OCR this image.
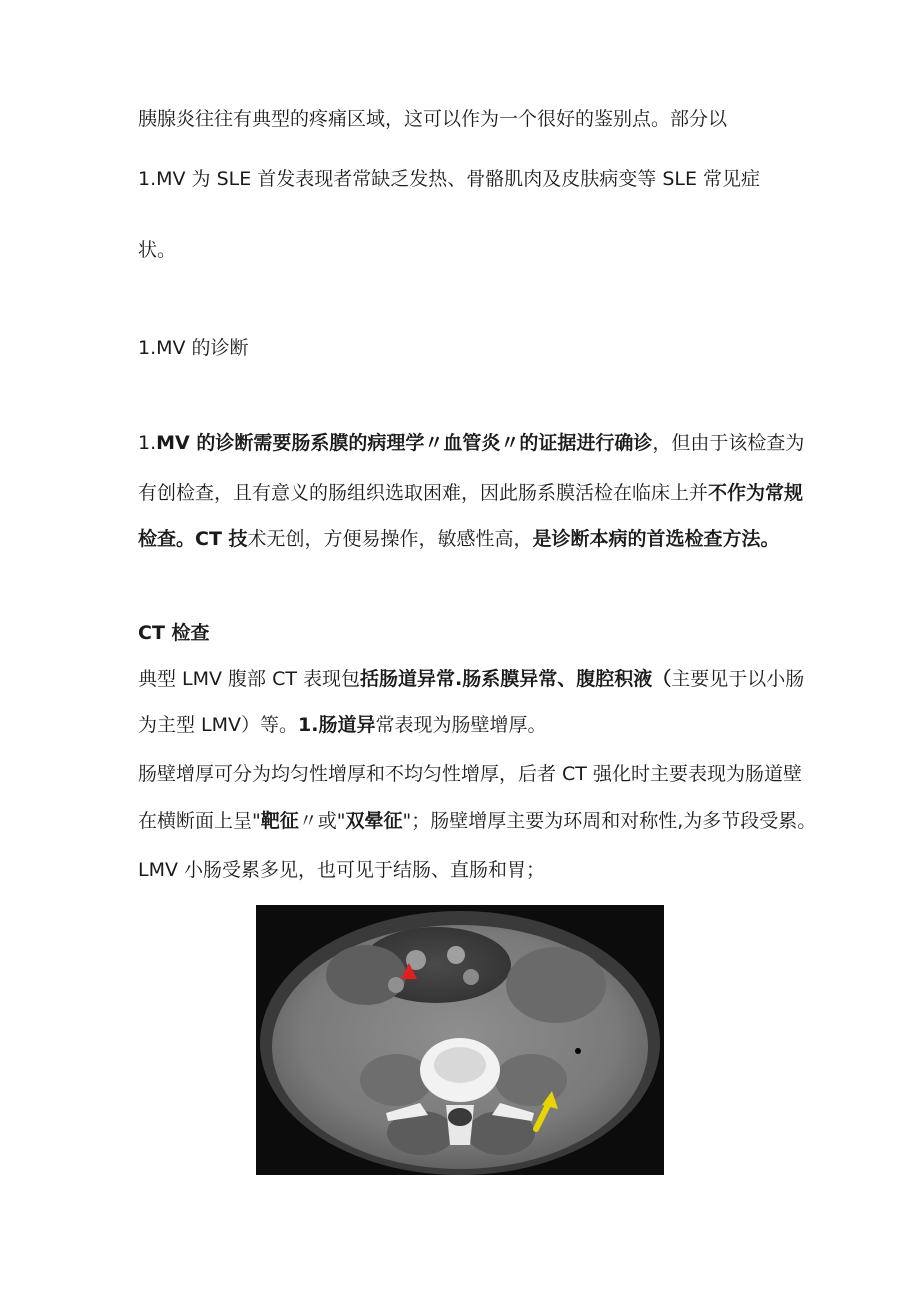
胰腺炎往往有典型的疼痛区域，这可以作为一个很好的鉴别点。部分以

1.MV 为 SLE 首发表现者常缺乏发热、骨骼肌肉及皮肤病变等 SLE 常见症

状。

1.MV 的诊断

1.MV 的诊断需要肠系膜的病理学〃血管炎〃的证据进行确诊，但由于该检查为

有创检查，且有意义的肠组织选取困难，因此肠系膜活检在临床上并不作为常规

检查。CT 技术无创，方便易操作，敏感性高，是诊断本病的首选检查方法。

CT 检查

典型 LMV 腹部 CT 表现包括肠道异常.肠系膜异常、腹腔积液（主要见于以小肠

为主型 LMV）等。1.肠道异常表现为肠壁增厚。

肠壁增厚可分为均匀性增厚和不均匀性增厚，后者 CT 强化时主要表现为肠道壁

在横断面上呈"靶征〃或"双晕征"；肠壁增厚主要为环周和对称性,为多节段受累。

LMV 小肠受累多见，也可见于结肠、直肠和胃；
